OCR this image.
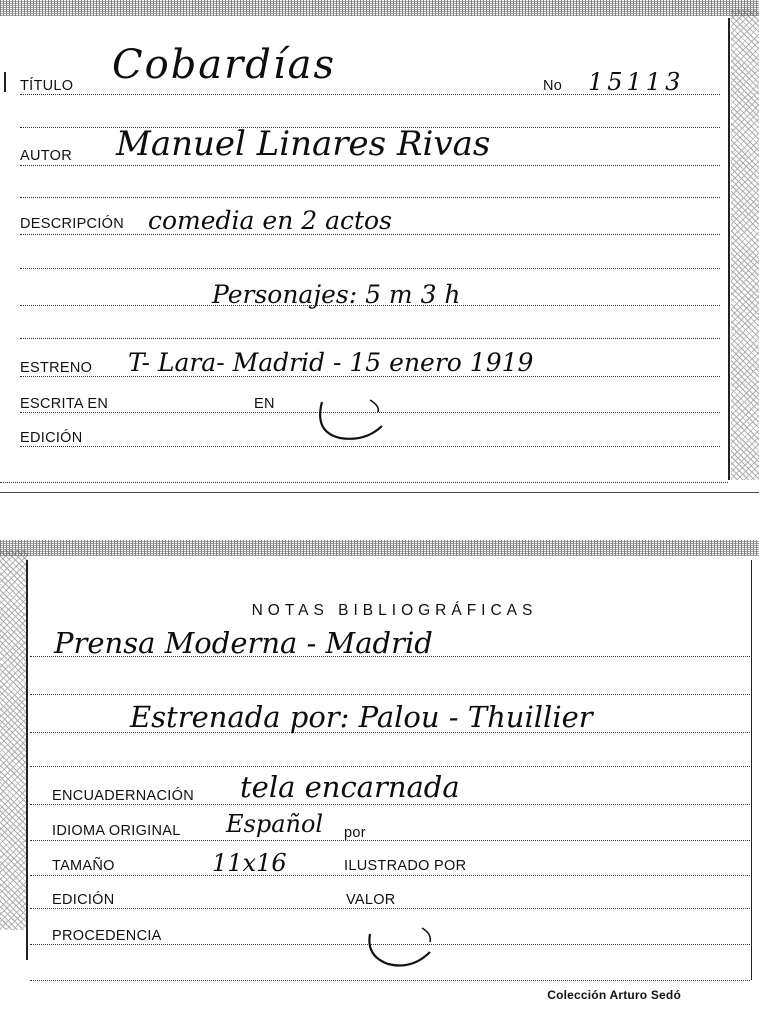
TÍTULO Cobardías	No 15113
AUTOR Manuel Linares Rivas
DESCRIPCIÓN comedia en 2 actos
Personajes: 5 m 3 h
ESTRENO T- Lara- Madrid - 15 enero 1919
ESCRITA EN	EN
EDICIÓN
NOTAS BIBLIOGRÁFICAS
Prensa Moderna - Madrid
Estrenada por: Palou - Thuillier
ENCUADERNACIÓN tela encarnada
IDIOMA ORIGINAL Español por
TAMAÑO	11x16	ILUSTRADO POR
EDICIÓN	VALOR
PROCEDENCIA
Colección Arturo Sedó
